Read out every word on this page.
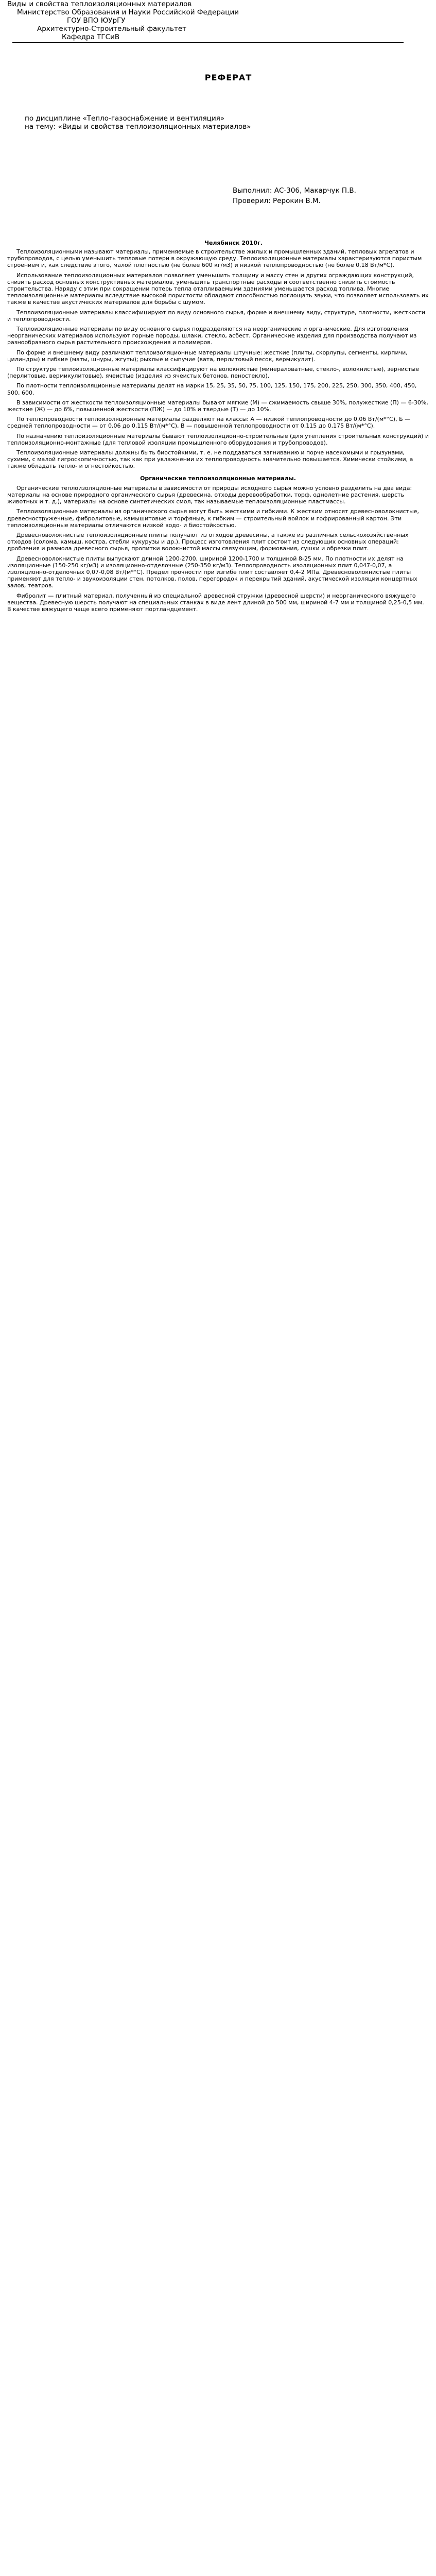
Виды и свойства теплоизоляционных материалов
Министерство Образования и Науки Российской Федерации
ГОУ ВПО ЮУрГУ
Архитектурно-Строительный факультет
Кафедра ТГСиВ
РЕФЕРАТ
по дисциплине «Тепло-газоснабжение и вентиляция»
на тему: «Виды и свойства теплоизоляционных материалов»
Выполнил: АС-306, Макарчук П.В.
Проверил: Рерокин В.М.
Челябинск 2010г.

Теплоизоляционными называют материалы, применяемые в строительстве жилых и промышленных зданий, тепловых агрегатов и трубопроводов, с целью уменьшить тепловые потери в окружающую среду. Теплоизоляционные материалы характеризуются пористым строением и, как следствие этого, малой плотностью (не более 600 кг/м3) и низкой теплопроводностью (не более 0,18 Вт/м*С).

Использование теплоизоляционных материалов позволяет уменьшить толщину и массу стен и других ограждающих конструкций, снизить расход основных конструктивных материалов, уменьшить транспортные расходы и соответственно снизить стоимость строительства. Наряду с этим при сокращении потерь тепла отапливаемыми зданиями уменьшается расход топлива. Многие теплоизоляционные материалы вследствие высокой пористости обладают способностью поглощать звуки, что позволяет использовать их также в качестве акустических материалов для борьбы с шумом.

Теплоизоляционные материалы классифицируют по виду основного сырья, форме и внешнему виду, структуре, плотности, жесткости и теплопроводности.

Теплоизоляционные материалы по виду основного сырья подразделяются на неорганические и органические. Для изготовления неорганических материалов используют горные породы, шлаки, стекло, асбест. Органические изделия для производства получают из разнообразного сырья растительного происхождения и полимеров.

По форме и внешнему виду различают теплоизоляционные материалы штучные: жесткие (плиты, скорлупы, сегменты, кирпичи, цилиндры) и гибкие (маты, шнуры, жгуты); рыхлые и сыпучие (вата, перлитовый песок, вермикулит).

По структуре теплоизоляционные материалы классифицируют на волокнистые (минераловатные, стекло-, волокнистые), зернистые (перлитовые, вермикулитовые), ячеистые (изделия из ячеистых бетонов, пеностекло).

По плотности теплоизоляционные материалы делят на марки 15, 25, 35, 50, 75, 100, 125, 150, 175, 200, 225, 250, 300, 350, 400, 450, 500, 600.

В зависимости от жесткости теплоизоляционные материалы бывают мягкие (М) — сжимаемость свыше 30%, полужесткие (П) — 6-30%, жесткие (Ж) — до 6%, повышенной жесткости (ПЖ) — до 10% и твердые (Т) — до 10%.

По теплопроводности теплоизоляционные материалы разделяют на классы: А — низкой теплопроводности до 0,06 Вт/(м*°С), Б — средней теплопроводности — от 0,06 до 0,115 Вт/(м*°С), В — повышенной теплопроводности от 0,115 до 0,175 Вт/(м*°С).

По назначению теплоизоляционные материалы бывают теплоизоляционно-строительные (для утепления строительных конструкций) и теплоизоляционно-монтажные (для тепловой изоляции промышленного оборудования и трубопроводов).

Теплоизоляционные материалы должны быть биостойкими, т. е. не поддаваться загниванию и порче насекомыми и грызунами, сухими, с малой гигроскопичностью, так как при увлажнении их теплопроводность значительно повышается. Химически стойкими, а также обладать тепло- и огнестойкостью.

Органические теплоизоляционные материалы.

Органические теплоизоляционные материалы в зависимости от природы исходного сырья можно условно разделить на два вида: материалы на основе природного органического сырья (древесина, отходы деревообработки, торф, однолетние растения, шерсть животных и т. д.), материалы на основе синтетических смол, так называемые теплоизоляционные пластмассы.

Теплоизоляционные материалы из органического сырья могут быть жесткими и гибкими. К жестким относят древесноволокнистые, древесностружечные, фибролитовые, камышитовые и торфяные, к гибким — строительный войлок и гофрированный картон. Эти теплоизоляционные материалы отличаются низкой водо- и биостойкостью.

Древесноволокнистые теплоизоляционные плиты получают из отходов древесины, а также из различных сельскохозяйственных отходов (солома, камыш, костра, стебли кукурузы и др.). Процесс изготовления плит состоит из следующих основных операций: дробления и размола древесного сырья, пропитки волокнистой массы связующим, формования, сушки и обрезки плит.

Древесноволокнистые плиты выпускают длиной 1200-2700, шириной 1200-1700 и толщиной 8-25 мм. По плотности их делят на изоляционные (150-250 кг/м3) и изоляционно-отделочные (250-350 кг/м3). Теплопроводность изоляционных плит 0,047-0,07, а изоляционно-отделочных 0,07-0,08 Вт/(м*°С). Предел прочности при изгибе плит составляет 0,4-2 МПа. Древесноволокнистые плиты применяют для тепло- и звукоизоляции стен, потолков, полов, перегородок и перекрытий зданий, акустической изоляции концертных залов, театров.

Фибролит — плитный материал, полученный из специальной древесной стружки (древесной шерсти) и неорганического вяжущего вещества. Древесную шерсть получают на специальных станках в виде лент длиной до 500 мм, шириной 4-7 мм и толщиной 0,25-0,5 мм. В качестве вяжущего чаще всего применяют портландцемент.
